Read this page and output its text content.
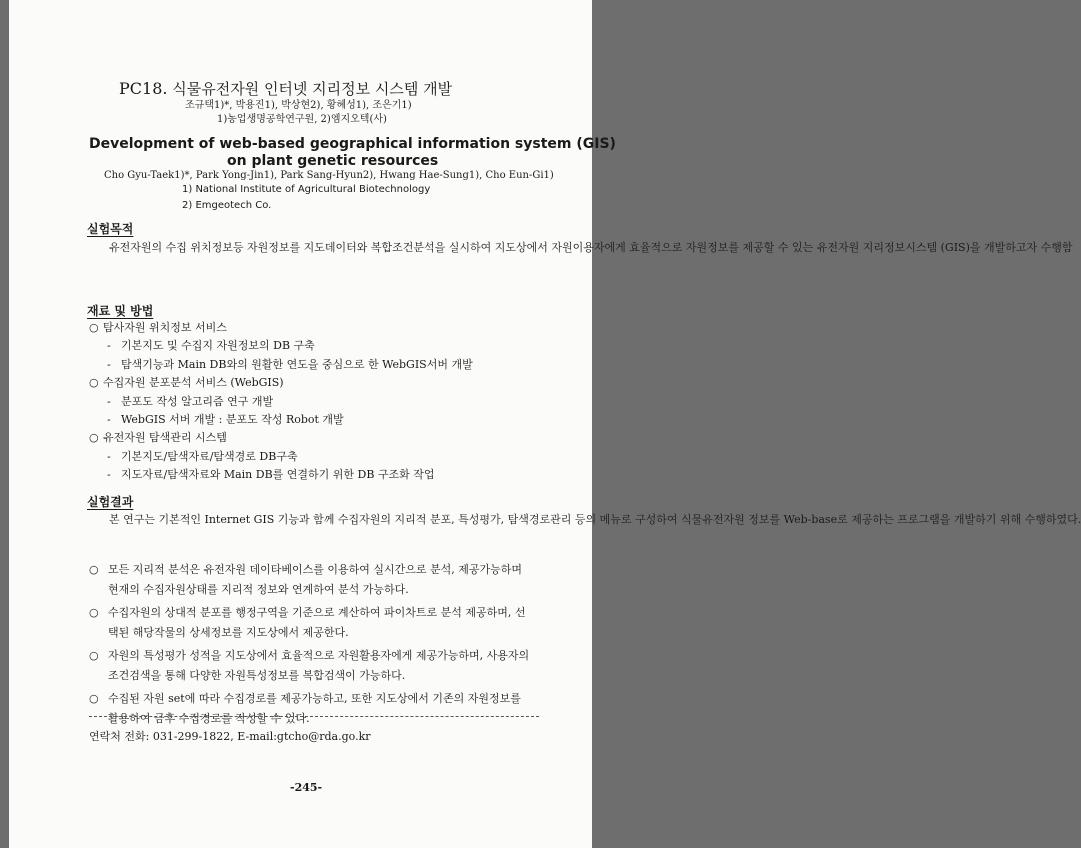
PC18. 식물유전자원 인터넷 지리정보 시스템 개발
조규택1)*, 박용진1), 박상현2), 황혜성1), 조은기1)
1)농업생명공학연구원, 2)엠지오텍(사)
Development of web-based geographical information system (GIS)
on plant genetic resources
Cho Gyu-Taek1)*, Park Yong-Jin1), Park Sang-Hyun2), Hwang Hae-Sung1), Cho Eun-Gi1)
1) National Institute of Agricultural Biotechnology
2) Emgeotech Co.
실험목적
유전자원의 수집 위치정보등 자원정보를 지도데이터와 복합조건분석을 실시하여 지도상에서 자원이용자에게 효율적으로 자원정보를 제공할 수 있는 유전자원 지리정보시스템 (GIS)을 개발하고자 수행함
재료 및 방법
○ 탐사자원 위치정보 서비스
- 기본지도 및 수집지 자원정보의 DB 구축
- 탐색기능과 Main DB와의 원활한 연도을 중심으로 한 WebGIS서버 개발
○ 수집자원 분포분석 서비스 (WebGIS)
- 분포도 작성 알고리즘 연구 개발
- WebGIS 서버 개발 : 분포도 작성 Robot 개발
○ 유전자원 탐색관리 시스템
- 기본지도/탐색자료/탐색경로 DB구축
- 지도자료/탐색자료와 Main DB를 연결하기 위한 DB 구조화 작업
실험결과
본 연구는 기본적인 Internet GIS 기능과 함께 수집자원의 지리적 분포, 특성평가, 탐색경로관리 등의 메뉴로 구성하여 식물유전자원 정보를 Web-base로 제공하는 프로그램을 개발하기 위해 수행하였다.
○ 모든 지리적 분석은 유전자원 데이타베이스를 이용하여 실시간으로 분석, 제공가능하며 현재의 수집자원상태를 지리적 정보와 연계하여 분석 가능하다.
○ 수집자원의 상대적 분포를 행정구역을 기준으로 계산하여 파이차트로 분석 제공하며, 선택된 해당작물의 상세정보를 지도상에서 제공한다.
○ 자원의 특성평가 성적을 지도상에서 효율적으로 자원활용자에게 제공가능하며, 사용자의 조건검색을 통해 다양한 자원특성정보를 복합검색이 가능하다.
○ 수집된 자원 set에 따라 수집경로를 제공가능하고, 또한 지도상에서 기존의 자원정보를 활용하여 금후 수집경로를 작성할 수 있다.
연락처 전화: 031-299-1822, E-mail:gtcho@rda.go.kr
-245-
